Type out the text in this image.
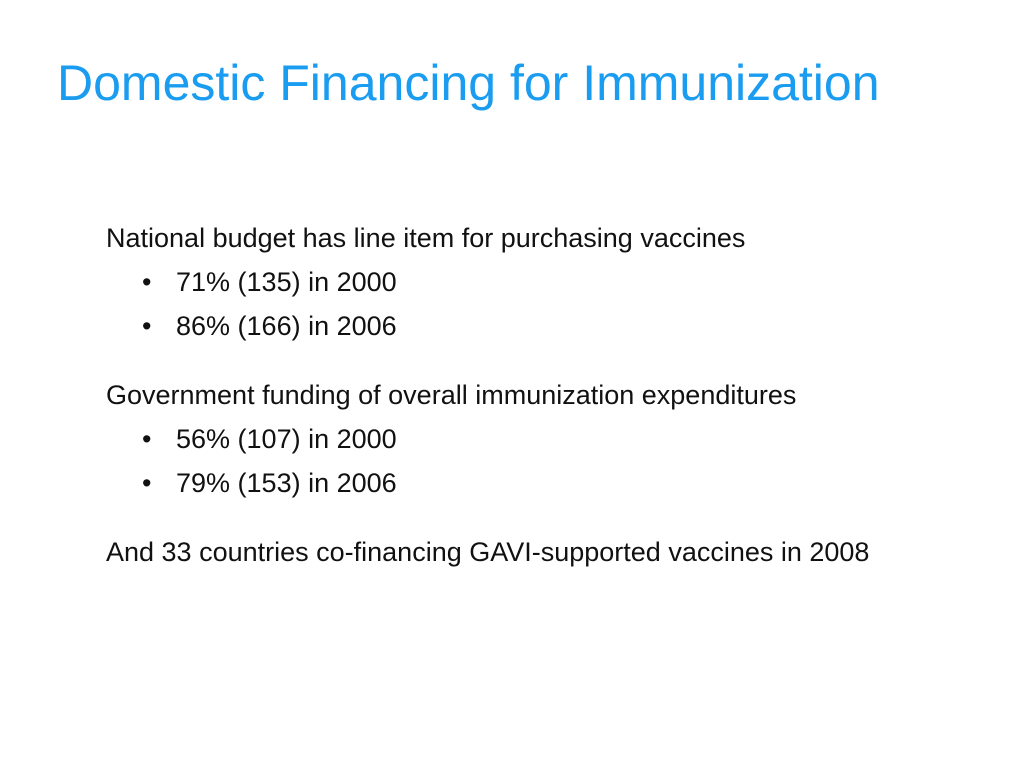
Domestic Financing for Immunization
National budget has line item for purchasing vaccines
• 71% (135) in 2000
• 86% (166) in 2006
Government funding of overall immunization expenditures
• 56% (107) in 2000
• 79% (153) in 2006
And 33 countries co-financing GAVI-supported vaccines in 2008
